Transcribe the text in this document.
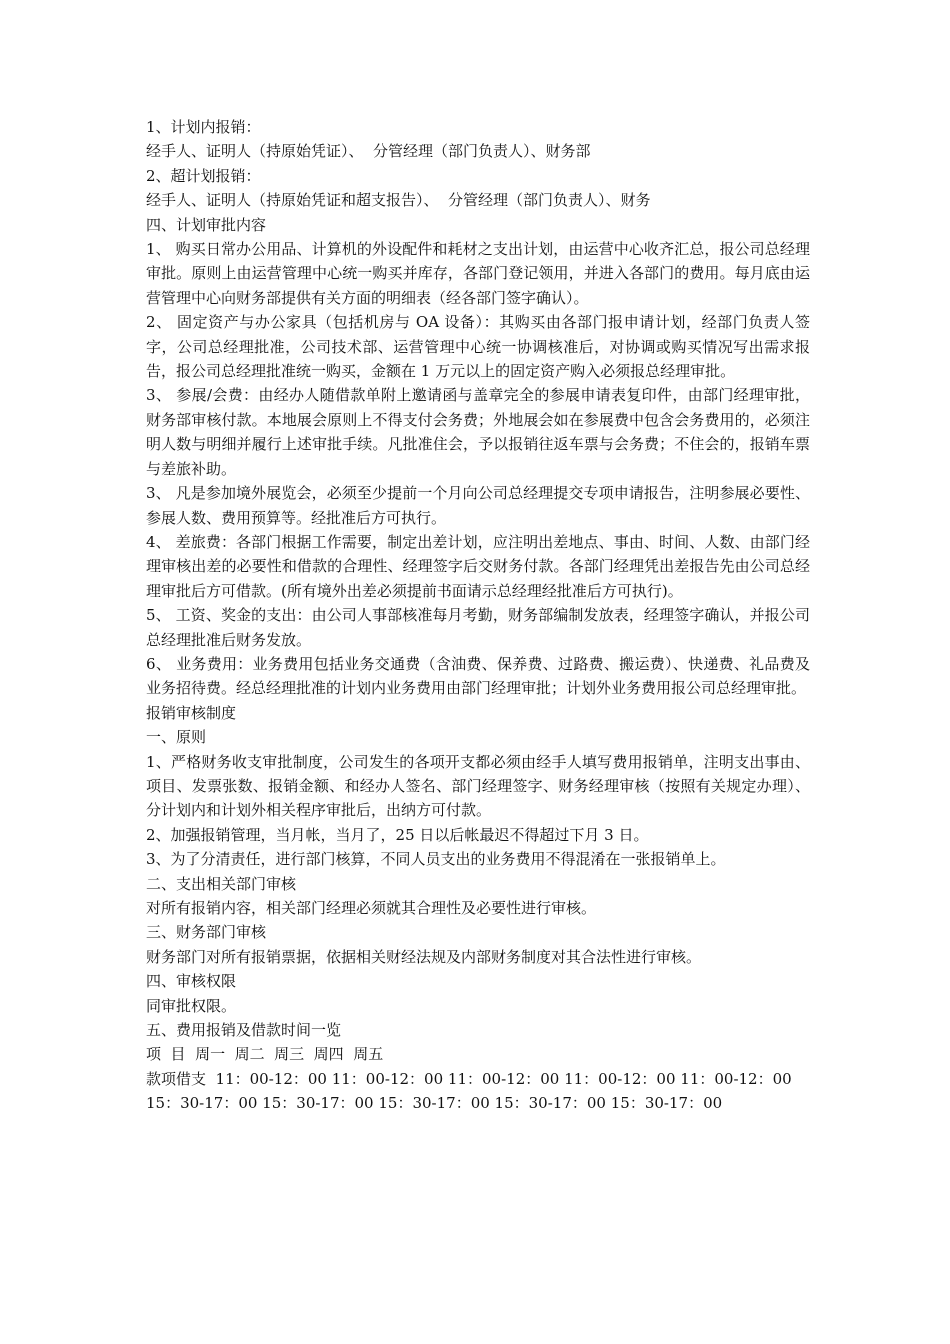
1、计划内报销：

经手人、证明人（持原始凭证）、  分管经理（部门负责人）、财务部

2、超计划报销：

经手人、证明人（持原始凭证和超支报告）、  分管经理（部门负责人）、财务

四、计划审批内容

1、 购买日常办公用品、计算机的外设配件和耗材之支出计划，由运营中心收齐汇总，报公司总经理审批。原则上由运营管理中心统一购买并库存，各部门登记领用，并进入各部门的费用。每月底由运营管理中心向财务部提供有关方面的明细表（经各部门签字确认）。

2、 固定资产与办公家具（包括机房与 OA 设备）：其购买由各部门报申请计划，经部门负责人签字，公司总经理批准，公司技术部、运营管理中心统一协调核准后，对协调或购买情况写出需求报告，报公司总经理批准统一购买，金额在 1 万元以上的固定资产购入必须报总经理审批。

3、 参展/会费：由经办人随借款单附上邀请函与盖章完全的参展申请表复印件，由部门经理审批，财务部审核付款。本地展会原则上不得支付会务费；外地展会如在参展费中包含会务费用的，必须注明人数与明细并履行上述审批手续。凡批准住会，予以报销往返车票与会务费；不住会的，报销车票与差旅补助。

3、 凡是参加境外展览会，必须至少提前一个月向公司总经理提交专项申请报告，注明参展必要性、参展人数、费用预算等。经批准后方可执行。

4、 差旅费：各部门根据工作需要，制定出差计划，应注明出差地点、事由、时间、人数、由部门经理审核出差的必要性和借款的合理性、经理签字后交财务付款。各部门经理凭出差报告先由公司总经理审批后方可借款。(所有境外出差必须提前书面请示总经理经批准后方可执行)。

5、 工资、奖金的支出：由公司人事部核准每月考勤，财务部编制发放表，经理签字确认，并报公司总经理批准后财务发放。

6、 业务费用：业务费用包括业务交通费（含油费、保养费、过路费、搬运费）、快递费、礼品费及业务招待费。经总经理批准的计划内业务费用由部门经理审批；计划外业务费用报公司总经理审批。

报销审核制度

一、原则

1、严格财务收支审批制度，公司发生的各项开支都必须由经手人填写费用报销单，注明支出事由、项目、发票张数、报销金额、和经办人签名、部门经理签字、财务经理审核（按照有关规定办理）、分计划内和计划外相关程序审批后，出纳方可付款。

2、加强报销管理，当月帐，当月了，25 日以后帐最迟不得超过下月 3 日。

3、为了分清责任，进行部门核算，不同人员支出的业务费用不得混淆在一张报销单上。

二、支出相关部门审核

对所有报销内容，相关部门经理必须就其合理性及必要性进行审核。

三、财务部门审核

财务部门对所有报销票据，依据相关财经法规及内部财务制度对其合法性进行审核。

四、审核权限

同审批权限。

五、费用报销及借款时间一览

项  目  周一  周二  周三  周四  周五

款项借支  11：00-12：00 11：00-12：00 11：00-12：00 11：00-12：00 11：00-12：00

15：30-17：00 15：30-17：00 15：30-17：00 15：30-17：00 15：30-17：00
